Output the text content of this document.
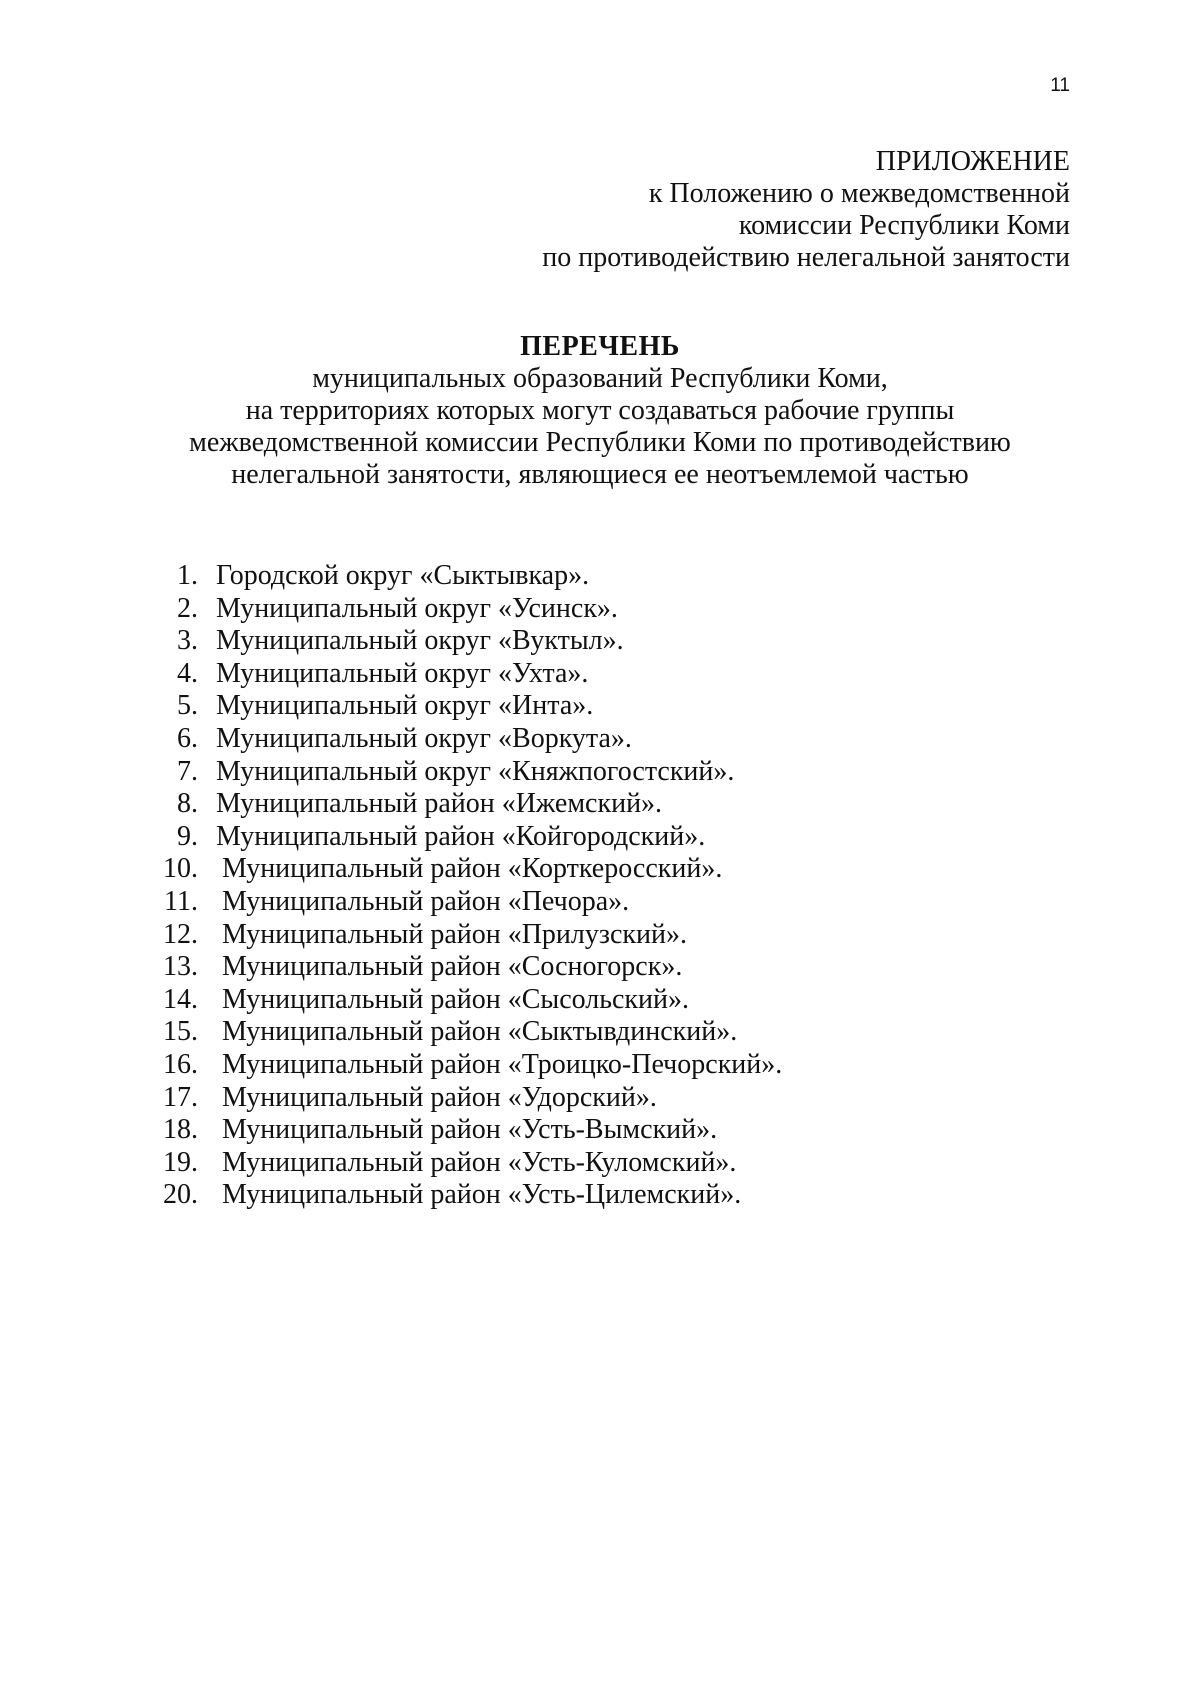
11
ПРИЛОЖЕНИЕ
к Положению о межведомственной
комиссии Республики Коми
по противодействию нелегальной занятости
ПЕРЕЧЕНЬ
муниципальных образований Республики Коми,
на территориях которых могут создаваться рабочие группы
межведомственной комиссии Республики Коми по противодействию
нелегальной занятости, являющиеся ее неотъемлемой частью
1. Городской округ «Сыктывкар».
2. Муниципальный округ «Усинск».
3. Муниципальный округ «Вуктыл».
4. Муниципальный округ «Ухта».
5. Муниципальный округ «Инта».
6. Муниципальный округ «Воркута».
7. Муниципальный округ «Княжпогостский».
8. Муниципальный район «Ижемский».
9. Муниципальный район «Койгородский».
10. Муниципальный район «Корткеросский».
11. Муниципальный район «Печора».
12. Муниципальный район «Прилузский».
13. Муниципальный район «Сосногорск».
14. Муниципальный район «Сысольский».
15. Муниципальный район «Сыктывдинский».
16. Муниципальный район «Троицко-Печорский».
17. Муниципальный район «Удорский».
18. Муниципальный район «Усть-Вымский».
19. Муниципальный район «Усть-Куломский».
20. Муниципальный район «Усть-Цилемский».
